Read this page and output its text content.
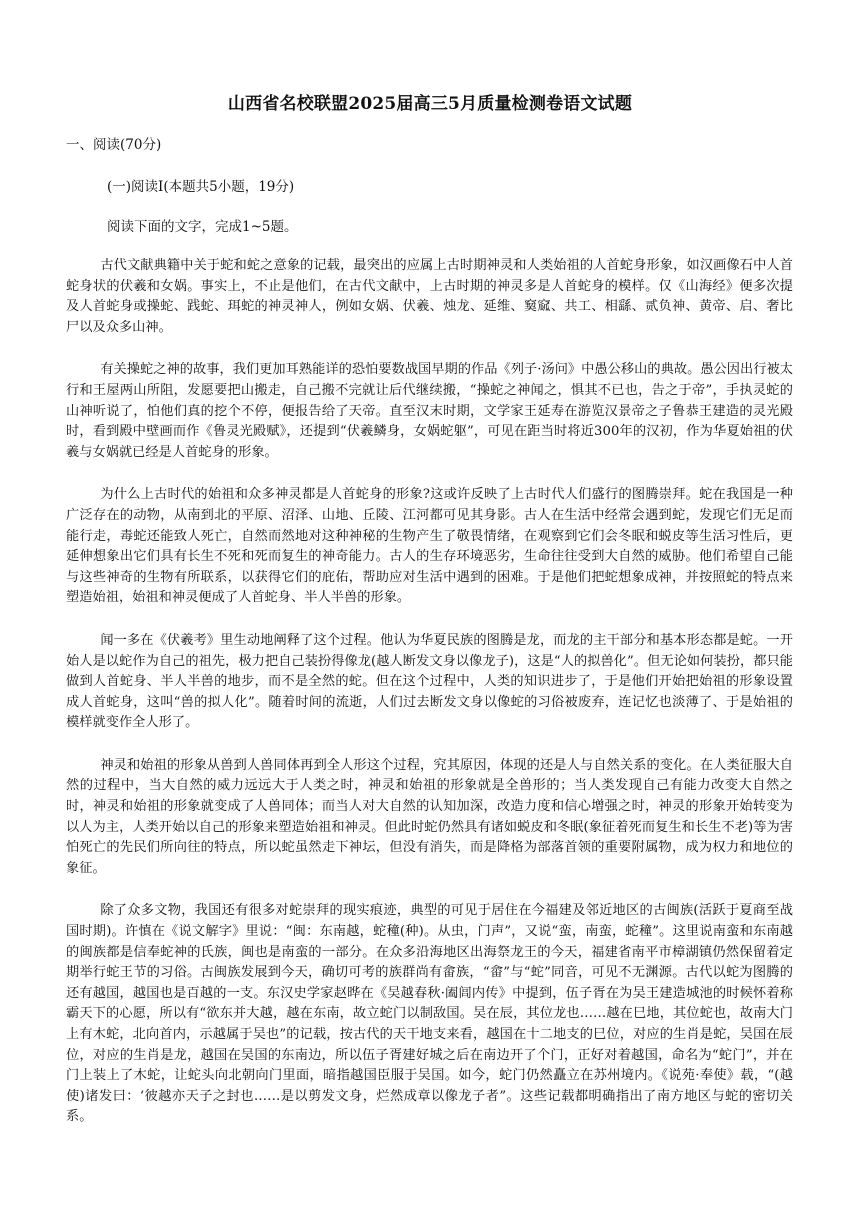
山西省名校联盟2025届高三5月质量检测卷语文试题
一、阅读(70分)
(一)阅读Ⅰ(本题共5小题，19分)
阅读下面的文字，完成1~5题。

古代文献典籍中关于蛇和蛇之意象的记载，最突出的应属上古时期神灵和人类始祖的人首蛇身形象，如汉画像石中人首蛇身状的伏羲和女娲。事实上，不止是他们，在古代文献中，上古时期的神灵多是人首蛇身的模样。仅《山海经》便多次提及人首蛇身或操蛇、践蛇、珥蛇的神灵神人，例如女娲、伏羲、烛龙、延维、窫窳、共工、相繇、贰负神、黄帝、启、奢比尸以及众多山神。

有关操蛇之神的故事，我们更加耳熟能详的恐怕要数战国早期的作品《列子·汤问》中愚公移山的典故。愚公因出行被太行和王屋两山所阻，发愿要把山搬走，自己搬不完就让后代继续搬，“操蛇之神闻之，惧其不已也，告之于帝”，手执灵蛇的山神听说了，怕他们真的挖个不停，便报告给了天帝。直至汉末时期，文学家王延寿在游览汉景帝之子鲁恭王建造的灵光殿时，看到殿中壁画而作《鲁灵光殿赋》，还提到“伏羲鳞身，女娲蛇躯”，可见在距当时将近300年的汉初，作为华夏始祖的伏羲与女娲就已经是人首蛇身的形象。

为什么上古时代的始祖和众多神灵都是人首蛇身的形象?这或许反映了上古时代人们盛行的图腾崇拜。蛇在我国是一种广泛存在的动物，从南到北的平原、沼泽、山地、丘陵、江河都可见其身影。古人在生活中经常会遇到蛇，发现它们无足而能行走，毒蛇还能致人死亡，自然而然地对这种神秘的生物产生了敬畏情绪，在观察到它们会冬眠和蜕皮等生活习性后，更延伸想象出它们具有长生不死和死而复生的神奇能力。古人的生存环境恶劣，生命往往受到大自然的威胁。他们希望自己能与这些神奇的生物有所联系，以获得它们的庇佑，帮助应对生活中遇到的困难。于是他们把蛇想象成神，并按照蛇的特点来塑造始祖，始祖和神灵便成了人首蛇身、半人半兽的形象。

闻一多在《伏羲考》里生动地阐释了这个过程。他认为华夏民族的图腾是龙，而龙的主干部分和基本形态都是蛇。一开始人是以蛇作为自己的祖先，极力把自己装扮得像龙(越人断发文身以像龙子)，这是“人的拟兽化”。但无论如何装扮，都只能做到人首蛇身、半人半兽的地步，而不是全然的蛇。但在这个过程中，人类的知识进步了，于是他们开始把始祖的形象设置成人首蛇身，这叫“兽的拟人化”。随着时间的流逝，人们过去断发文身以像蛇的习俗被废弃，连记忆也淡薄了、于是始祖的模样就变作全人形了。

神灵和始祖的形象从兽到人兽同体再到全人形这个过程，究其原因，体现的还是人与自然关系的变化。在人类征服大自然的过程中，当大自然的威力远远大于人类之时，神灵和始祖的形象就是全兽形的；当人类发现自己有能力改变大自然之时，神灵和始祖的形象就变成了人兽同体；而当人对大自然的认知加深，改造力度和信心增强之时，神灵的形象开始转变为以人为主，人类开始以自己的形象来塑造始祖和神灵。但此时蛇仍然具有诸如蜕皮和冬眠(象征着死而复生和长生不老)等为害怕死亡的先民们所向往的特点，所以蛇虽然走下神坛，但没有消失，而是降格为部落首领的重要附属物，成为权力和地位的象征。

除了众多文物，我国还有很多对蛇崇拜的现实痕迹，典型的可见于居住在今福建及邻近地区的古闽族(活跃于夏商至战国时期)。许慎在《说文解字》里说：“闽：东南越，蛇穜(种)。从虫，门声”，又说“蛮，南蛮，蛇穜”。这里说南蛮和东南越的闽族都是信奉蛇神的氏族，闽也是南蛮的一部分。在众多沿海地区出海祭龙王的今天，福建省南平市樟湖镇仍然保留着定期举行蛇王节的习俗。古闽族发展到今天，确切可考的族群尚有畲族，“畲”与“蛇”同音，可见不无渊源。古代以蛇为图腾的还有越国，越国也是百越的一支。东汉史学家赵晔在《吴越春秋·阖闾内传》中提到，伍子胥在为吴王建造城池的时候怀着称霸天下的心愿，所以有“欲东并大越，越在东南，故立蛇门以制敌国。吴在辰，其位龙也……越在巳地，其位蛇也，故南大门上有木蛇，北向首内，示越属于吴也”的记载，按古代的天干地支来看，越国在十二地支的巳位，对应的生肖是蛇，吴国在辰位，对应的生肖是龙，越国在吴国的东南边，所以伍子胥建好城之后在南边开了个门，正好对着越国，命名为“蛇门”，并在门上装上了木蛇，让蛇头向北朝向门里面，暗指越国臣服于吴国。如今，蛇门仍然矗立在苏州境内。《说苑·奉使》载，“(越使)诸发曰：‘彼越亦天子之封也……是以剪发文身，烂然成章以像龙子者”。这些记载都明确指出了南方地区与蛇的密切关系。
